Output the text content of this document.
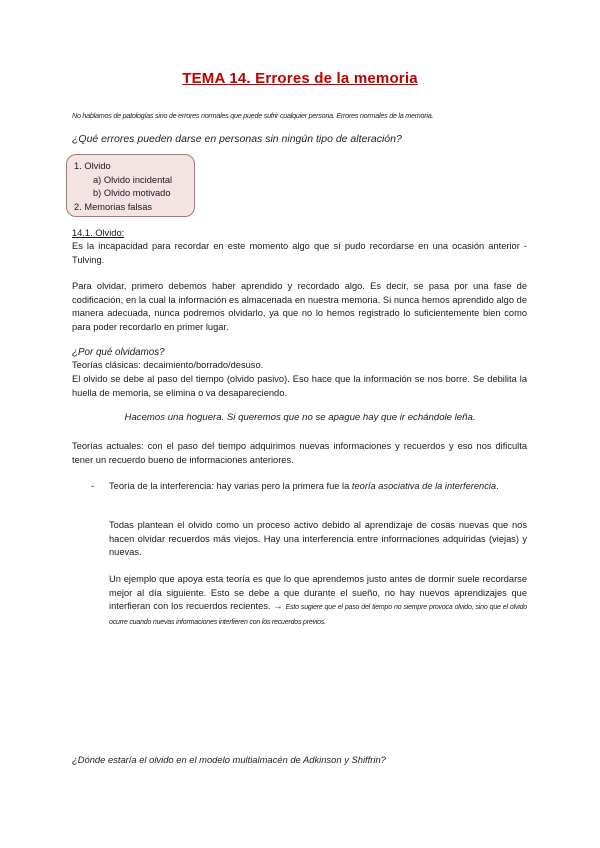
TEMA 14. Errores de la memoria
No hablamos de patologías sino de errores normales que puede sufrir cualquier persona. Errores normales de la memoria.
¿Qué errores pueden darse en personas sin ningún tipo de alteración?
1. Olvido
a) Olvido incidental
b) Olvido motivado
2. Memorias falsas
14.1. Olvido:

Es la incapacidad para recordar en este momento algo que sí pudo recordarse en una ocasión anterior - Tulving.

Para olvidar, primero debemos haber aprendido y recordado algo. Es decir, se pasa por una fase de codificación, en la cual la información es almacenada en nuestra memoria. Si nunca hemos aprendido algo de manera adecuada, nunca podremos olvidarlo, ya que no lo hemos registrado lo suficientemente bien como para poder recordarlo en primer lugar.

¿Por qué olvidamos?
Teorías clásicas: decaimiento/borrado/desuso.

El olvido se debe al paso del tiempo (olvido pasivo). Eso hace que la información se nos borre. Se debilita la huella de memoria, se elimina o va desapareciendo.

Hacemos una hoguera. Si queremos que no se apague hay que ir echándole leña.

Teorías actuales: con el paso del tiempo adquirimos nuevas informaciones y recuerdos y eso nos dificulta tener un recuerdo bueno de informaciones anteriores.

- Teoría de la interferencia: hay varias pero la primera fue la teoría asociativa de la interferencia.

Todas plantean el olvido como un proceso activo debido al aprendizaje de cosas nuevas que nos hacen olvidar recuerdos más viejos. Hay una interferencia entre informaciones adquiridas (viejas) y nuevas.

Un ejemplo que apoya esta teoría es que lo que aprendemos justo antes de dormir suele recordarse mejor al día siguiente. Esto se debe a que durante el sueño, no hay nuevos aprendizajes que interfieran con los recuerdos recientes. → Esto sugiere que el paso del tiempo no siempre provoca olvido, sino que el olvido ocurre cuando nuevas informaciones interfieren con los recuerdos previos.

¿Dónde estaría el olvido en el modelo multialmacén de Adkinson y Shiffrin?
